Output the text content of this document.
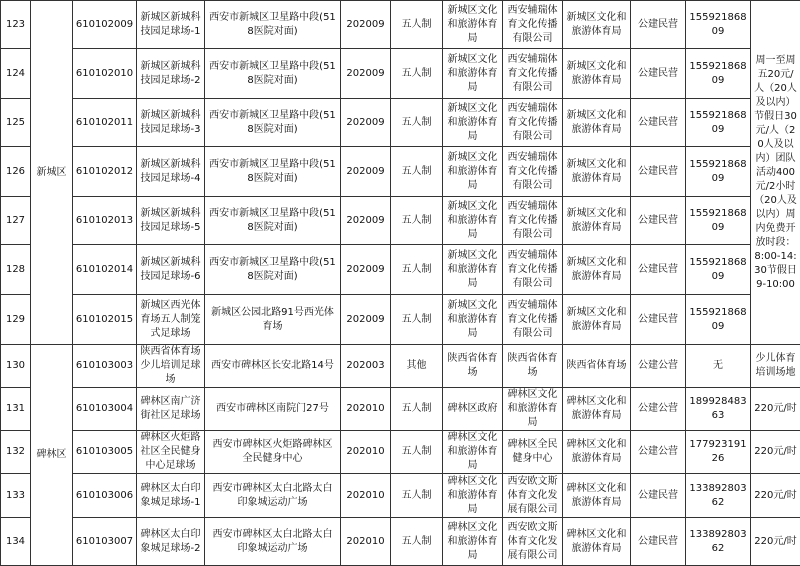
123	新城区	610102009	新城区新城科技园足球场-1	西安市新城区卫星路中段(518医院对面)	202009	五人制	新城区文化和旅游体育局	西安辅瑞体育文化传播有限公司	新城区文化和旅游体育局	公建民营	15592186809	周一至周五20元/人（20人及以内）节假日30元/人（20人及以内）团队活动400元/2小时（20人及以内）周内免费开放时段：8:00-14:30节假日9-10:00
124		610102010	新城区新城科技园足球场-2	西安市新城区卫星路中段(518医院对面)	202009	五人制	新城区文化和旅游体育局	西安辅瑞体育文化传播有限公司	新城区文化和旅游体育局	公建民营	15592186809	
125		610102011	新城区新城科技园足球场-3	西安市新城区卫星路中段(518医院对面)	202009	五人制	新城区文化和旅游体育局	西安辅瑞体育文化传播有限公司	新城区文化和旅游体育局	公建民营	15592186809	
126		610102012	新城区新城科技园足球场-4	西安市新城区卫星路中段(518医院对面)	202009	五人制	新城区文化和旅游体育局	西安辅瑞体育文化传播有限公司	新城区文化和旅游体育局	公建民营	15592186809	
127		610102013	新城区新城科技园足球场-5	西安市新城区卫星路中段(518医院对面)	202009	五人制	新城区文化和旅游体育局	西安辅瑞体育文化传播有限公司	新城区文化和旅游体育局	公建民营	15592186809	
128		610102014	新城区新城科技园足球场-6	西安市新城区卫星路中段(518医院对面)	202009	五人制	新城区文化和旅游体育局	西安辅瑞体育文化传播有限公司	新城区文化和旅游体育局	公建民营	15592186809	
129		610102015	新城区西光体育场五人制笼式足球场	新城区公园北路91号西光体育场	202009	五人制	新城区文化和旅游体育局	西安辅瑞体育文化传播有限公司	新城区文化和旅游体育局	公建民营	15592186809	
130	碑林区	610103003	陕西省体育场少儿培训足球场	西安市碑林区长安北路14号	202003	其他	陕西省体育场	陕西省体育场	陕西省体育场	公建公营	无	少儿体育培训场地
131		610103004	碑林区南广济街社区足球场	西安市碑林区南院门27号	202010	五人制	碑林区政府	碑林区文化和旅游体育局	碑林区文化和旅游体育局	公建公营	18992848363	220元/时
132		610103005	碑林区火炬路社区全民健身中心足球场	西安市碑林区火炬路碑林区全民健身中心	202010	五人制	碑林区文化和旅游体育局	碑林区全民健身中心	碑林区文化和旅游体育局	公建公营	17792319126	220元/时
133		610103006	碑林区太白印象城足球场-1	西安市碑林区太白北路太白印象城运动广场	202010	五人制	碑林区文化和旅游体育局	西安欧文斯体育文化发展有限公司	碑林区文化和旅游体育局	公建民营	13389280362	220元/时
134		610103007	碑林区太白印象城足球场-2	西安市碑林区太白北路太白印象城运动广场	202010	五人制	碑林区文化和旅游体育局	西安欧文斯体育文化发展有限公司	碑林区文化和旅游体育局	公建民营	13389280362	220元/时
